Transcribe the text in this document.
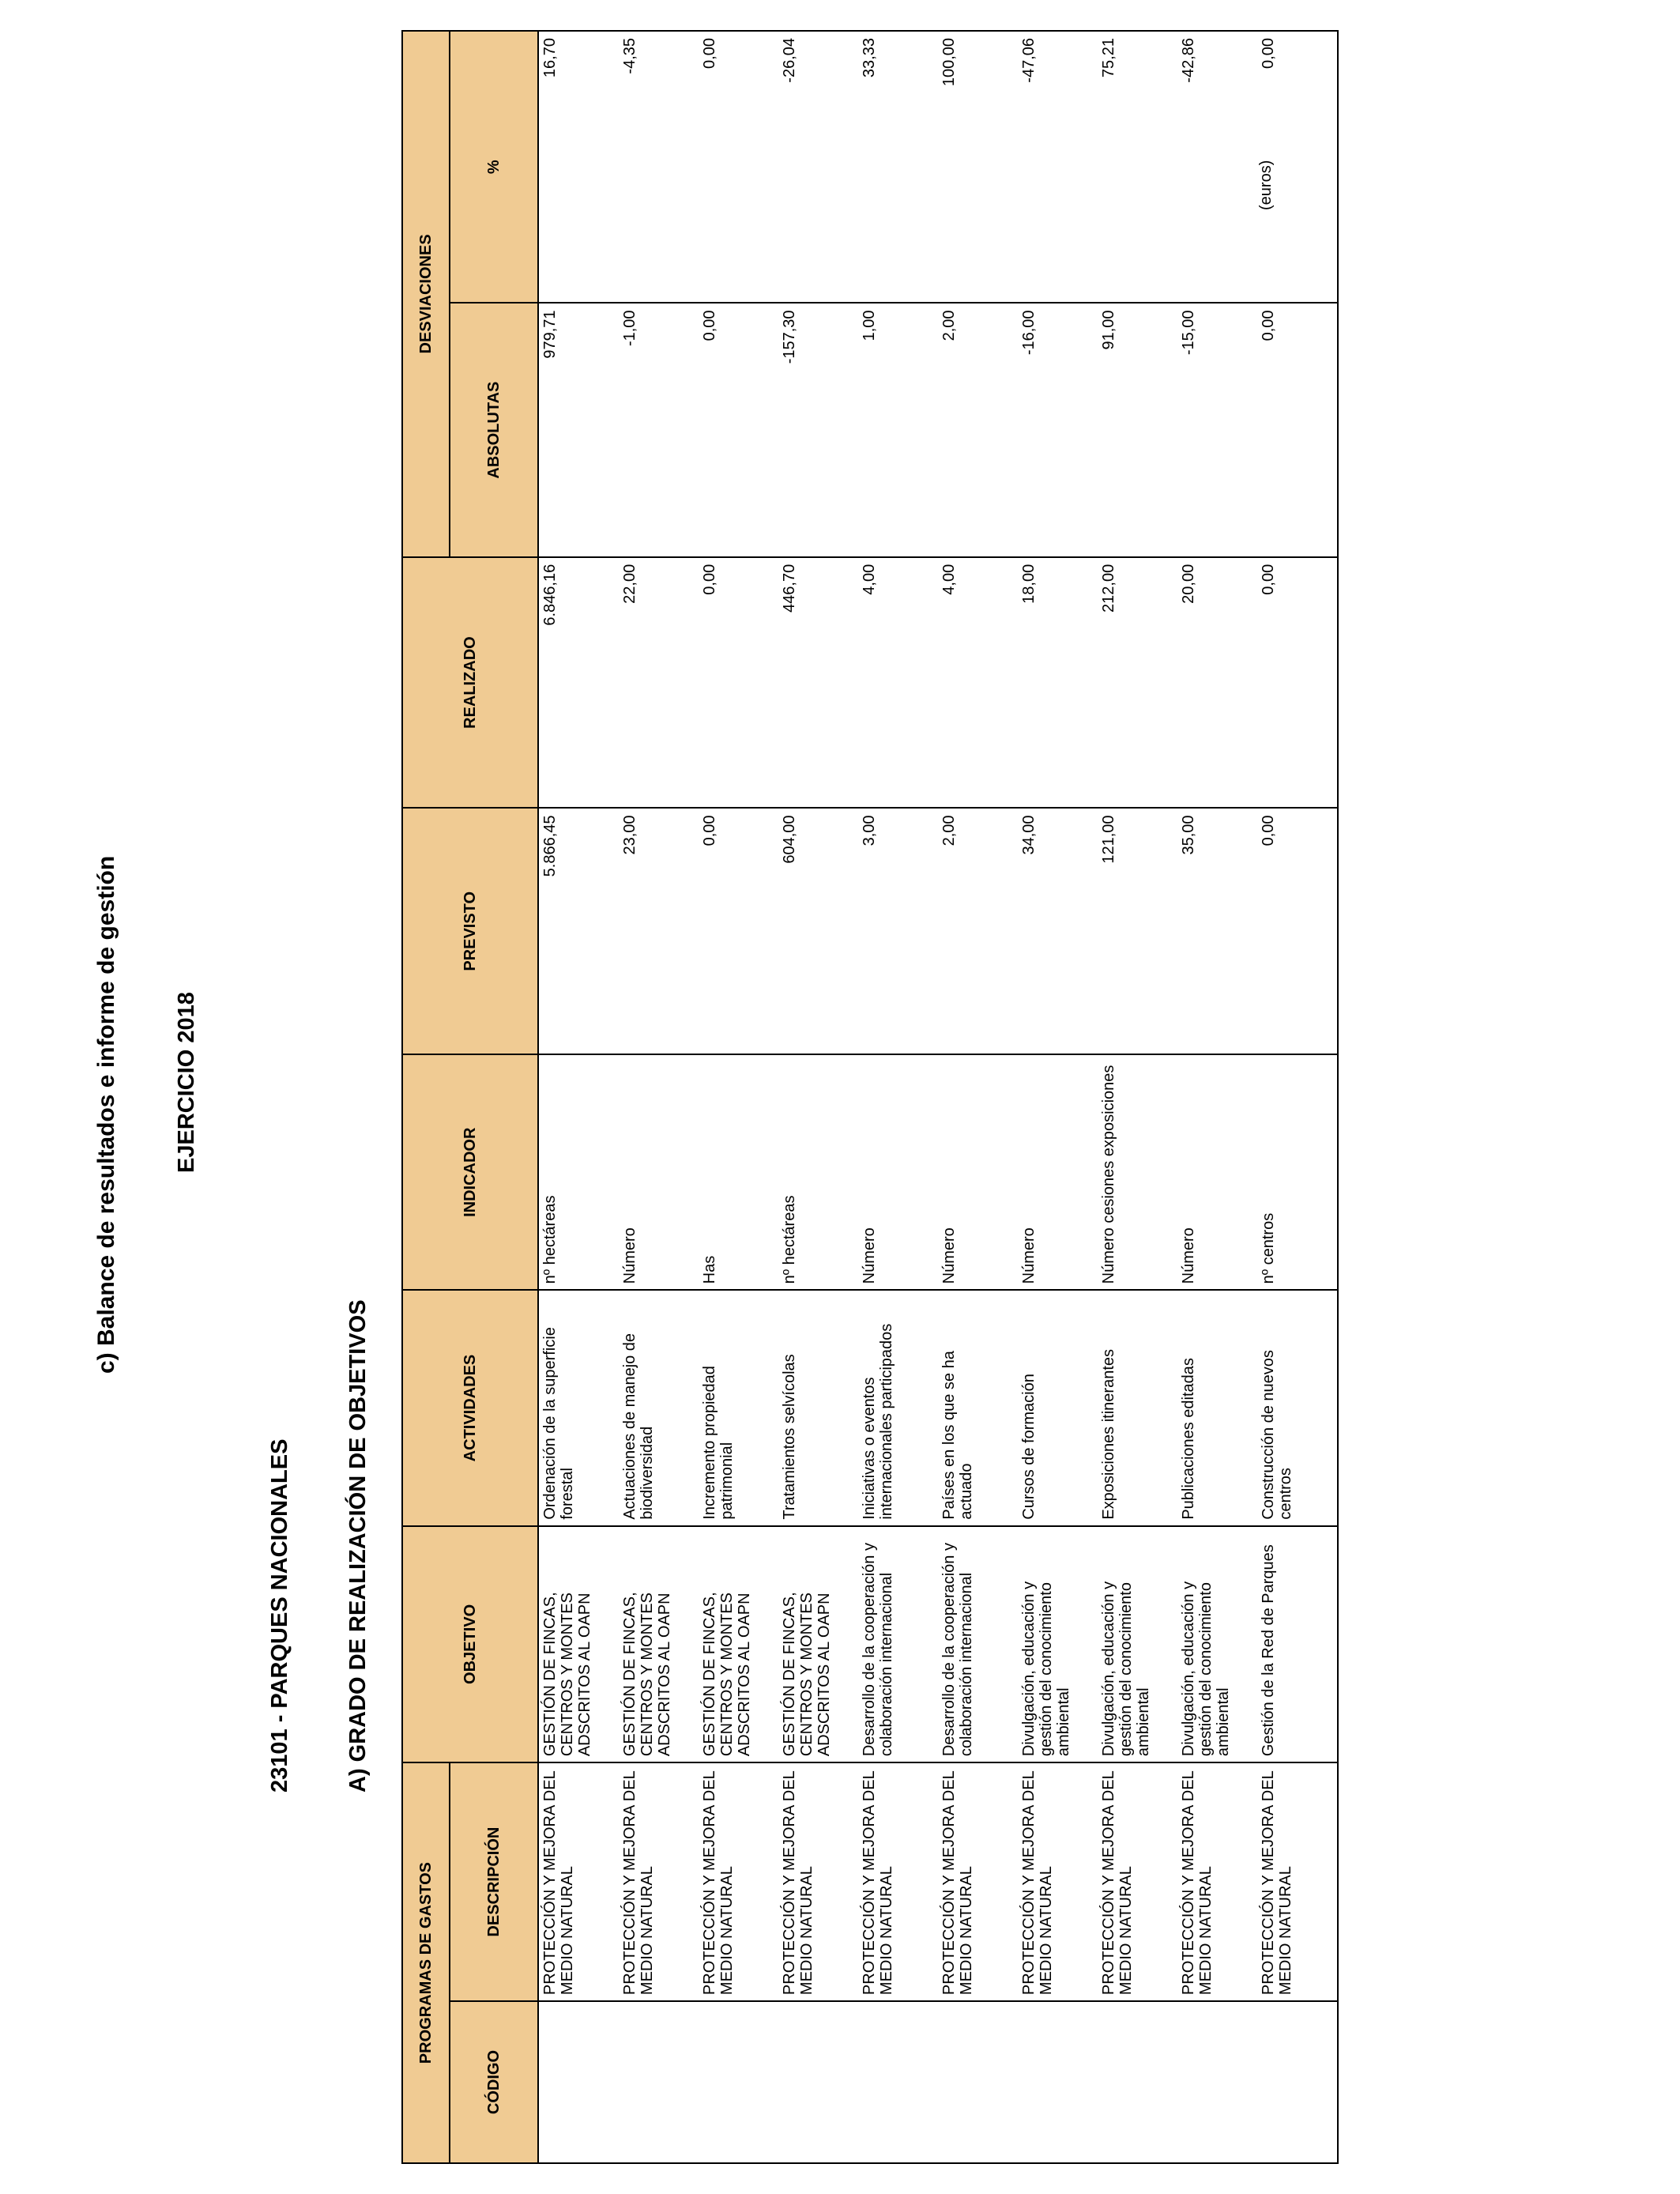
c) Balance de resultados e informe de gestión EJERCICIO 2018
23101 - PARQUES NACIONALES A) GRADO DE REALIZACIÓN DE OBJETIVOS
(euros)
PROGRAMAS DE GASTOS		OBJETIVO	ACTIVIDADES	INDICADOR	PREVISTO	REALIZADO	DESVIACIONES	
CÓDIGO	DESCRIPCIÓN						ABSOLUTAS	%
	PROTECCIÓN Y MEJORA DEL MEDIO NATURAL	GESTIÓN DE FINCAS, CENTROS Y MONTES ADSCRITOS AL OAPN	Ordenación de la superficie forestal	nº hectáreas	5.866,45	6.846,16	979,71	16,70
	PROTECCIÓN Y MEJORA DEL MEDIO NATURAL	GESTIÓN DE FINCAS, CENTROS Y MONTES ADSCRITOS AL OAPN	Actuaciones de manejo de biodiversidad	Número	23,00	22,00	-1,00	-4,35
	PROTECCIÓN Y MEJORA DEL MEDIO NATURAL	GESTIÓN DE FINCAS, CENTROS Y MONTES ADSCRITOS AL OAPN	Incremento propiedad patrimonial	Has	0,00	0,00	0,00	0,00
	PROTECCIÓN Y MEJORA DEL MEDIO NATURAL	GESTIÓN DE FINCAS, CENTROS Y MONTES ADSCRITOS AL OAPN	Tratamientos selvícolas	nº hectáreas	604,00	446,70	-157,30	-26,04
	PROTECCIÓN Y MEJORA DEL MEDIO NATURAL	Desarrollo de la cooperación y colaboración internacional	Iniciativas o eventos internacionales participados	Número	3,00	4,00	1,00	33,33
	PROTECCIÓN Y MEJORA DEL MEDIO NATURAL	Desarrollo de la cooperación y colaboración internacional	Países en los que se ha actuado	Número	2,00	4,00	2,00	100,00
	PROTECCIÓN Y MEJORA DEL MEDIO NATURAL	Divulgación, educación y gestión del conocimiento ambiental	Cursos de formación	Número	34,00	18,00	-16,00	-47,06
	PROTECCIÓN Y MEJORA DEL MEDIO NATURAL	Divulgación, educación y gestión del conocimiento ambiental	Exposiciones itinerantes	Número cesiones exposiciones	121,00	212,00	91,00	75,21
	PROTECCIÓN Y MEJORA DEL MEDIO NATURAL	Divulgación, educación y gestión del conocimiento ambiental	Publicaciones editadas	Número	35,00	20,00	-15,00	-42,86
	PROTECCIÓN Y MEJORA DEL MEDIO NATURAL	Gestión de la Red de Parques	Construcción de nuevos centros	nº centros	0,00	0,00	0,00	0,00
